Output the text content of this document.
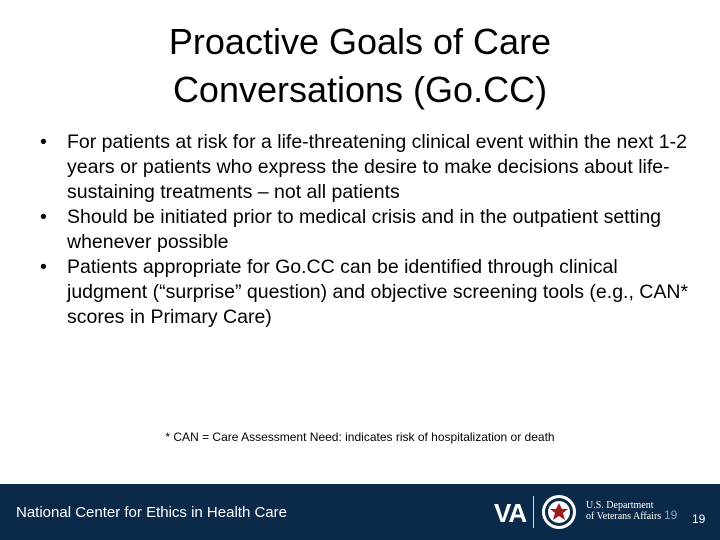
Proactive Goals of Care
Conversations (Go.CC)
•	For patients at risk for a life-threatening clinical event within the next 1-2 years or patients who express the desire to make decisions about life-sustaining treatments – not all patients
•	Should be initiated prior to medical crisis and in the outpatient setting whenever possible
•	Patients appropriate for Go.CC can be identified through clinical judgment (“surprise” question) and objective screening tools (e.g., CAN* scores in Primary Care)
* CAN = Care Assessment Need: indicates risk of hospitalization or death
National Center for Ethics in Health Care	VA	U.S. Department
of Veterans Affairs 19 19
